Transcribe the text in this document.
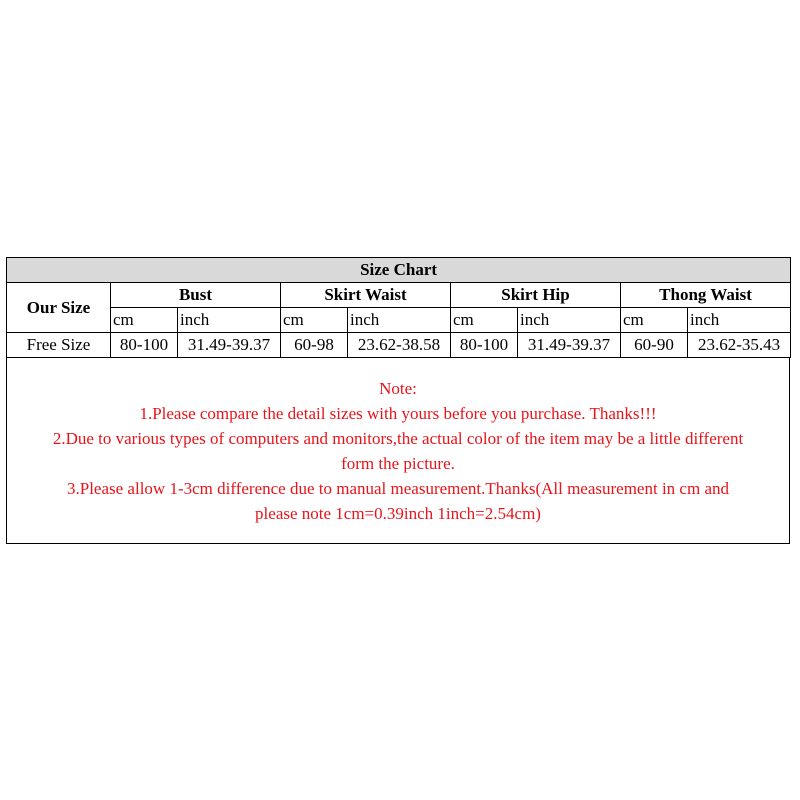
Size Chart								
Our Size	Bust		Skirt Waist		Skirt Hip		Thong Waist	
	cm	inch	cm	inch	cm	inch	cm	inch
Free Size	80-100	31.49-39.37	60-98	23.62-38.58	80-100	31.49-39.37	60-90	23.62-35.43
Note:
1.Please compare the detail sizes with yours before you purchase. Thanks!!!
2.Due to various types of computers and monitors,the actual color of the item may be a little different
form the picture.
3.Please allow 1-3cm difference due to manual measurement.Thanks(All measurement in cm and
please note 1cm=0.39inch 1inch=2.54cm)
